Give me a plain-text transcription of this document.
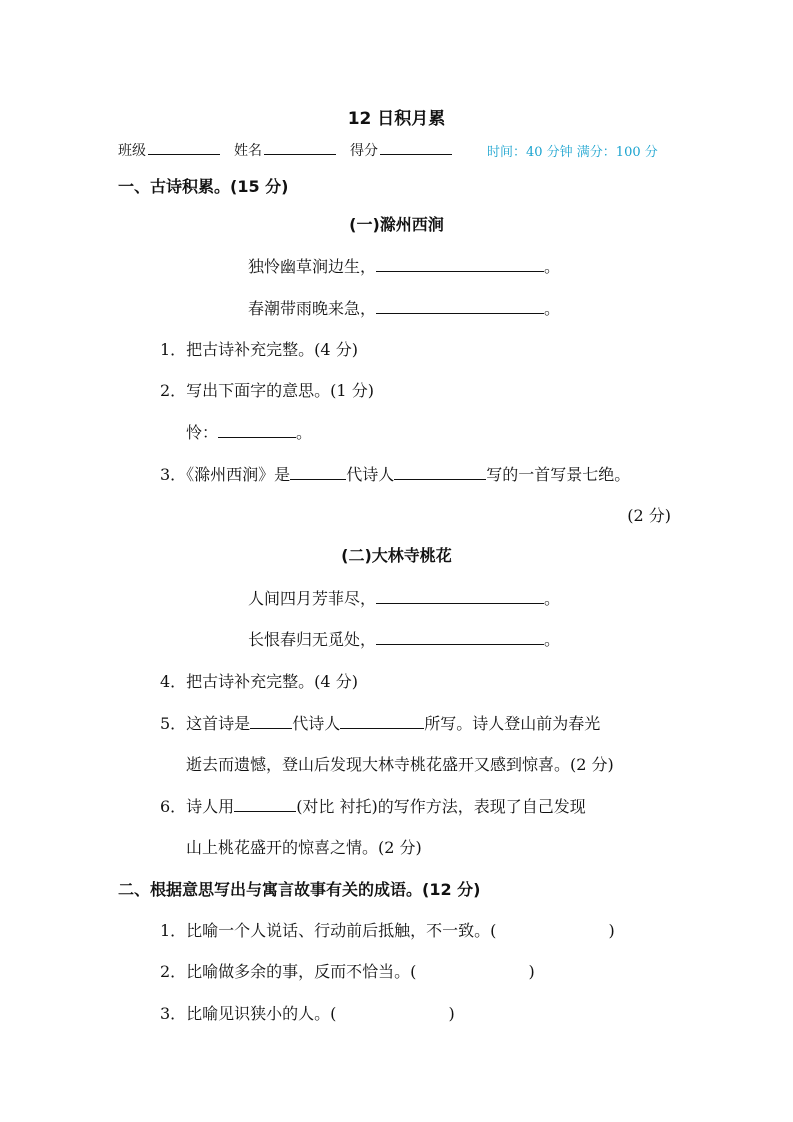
12 日积月累
班级	姓名	得分	时间：40 分钟 满分：100 分
一、古诗积累。(15 分)
(一)滁州西涧
独怜幽草涧边生，	。
春潮带雨晚来急，	。
1．把古诗补充完整。(4 分)
2．写出下面字的意思。(1 分)
怜：	。
3．《滁州西涧》是	代诗人	写的一首写景七绝。
(2 分)
(二)大林寺桃花
人间四月芳菲尽，	。
长恨春归无觅处，	。
4．把古诗补充完整。(4 分)
5．这首诗是	代诗人	所写。诗人登山前为春光
逝去而遗憾，登山后发现大林寺桃花盛开又感到惊喜。(2 分)
6．诗人用	(对比 衬托)的写作方法，表现了自己发现
山上桃花盛开的惊喜之情。(2 分)
二、根据意思写出与寓言故事有关的成语。(12 分)
1．比喻一个人说话、行动前后抵触，不一致。(	)
2．比喻做多余的事，反而不恰当。(	)
3．比喻见识狭小的人。(	)
